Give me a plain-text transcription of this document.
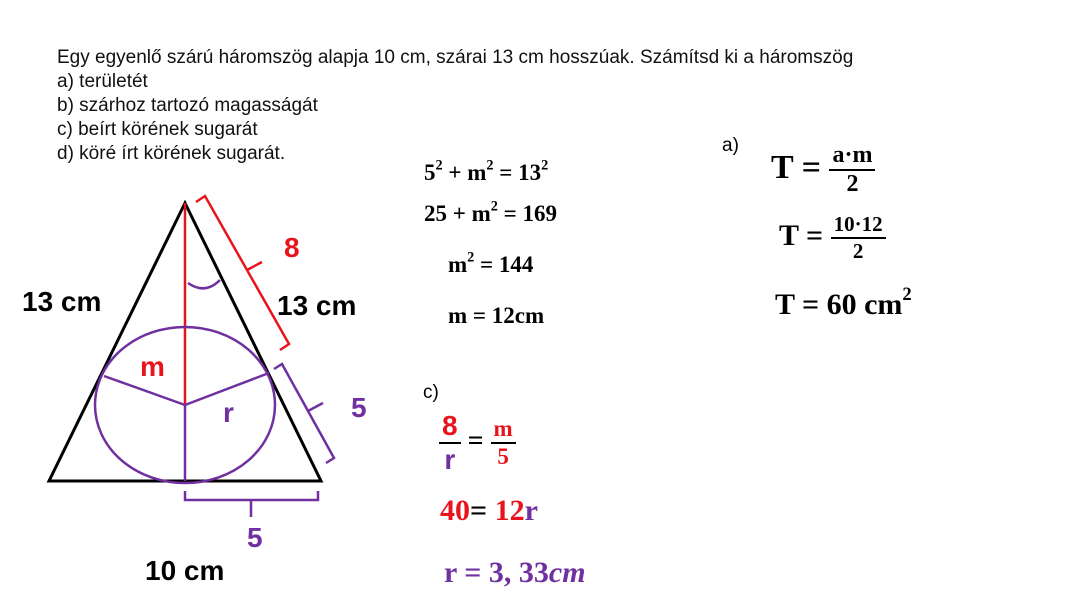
Egy egyenlő szárú háromszög alapja 10 cm, szárai 13 cm hosszúak. Számítsd ki a háromszög
a) területét
b) szárhoz tartozó magasságát
c) beírt körének sugarát
d) köré írt körének sugarát.
13 cm	13 cm
10 cm
8
5
5
m
r
$5^2 + m^2 = 13^2$
$25 + m^2 = 169$
$m^2 = 144$
m = 12cm
a)
$T = \frac{a\cdot m}{2}$
$T = \frac{10\cdot 12}{2}$
T = 60 $cm^2$
c)
$\frac{8}{r} = \frac{m}{5}$
40= 12r
r = 3, 33cm
